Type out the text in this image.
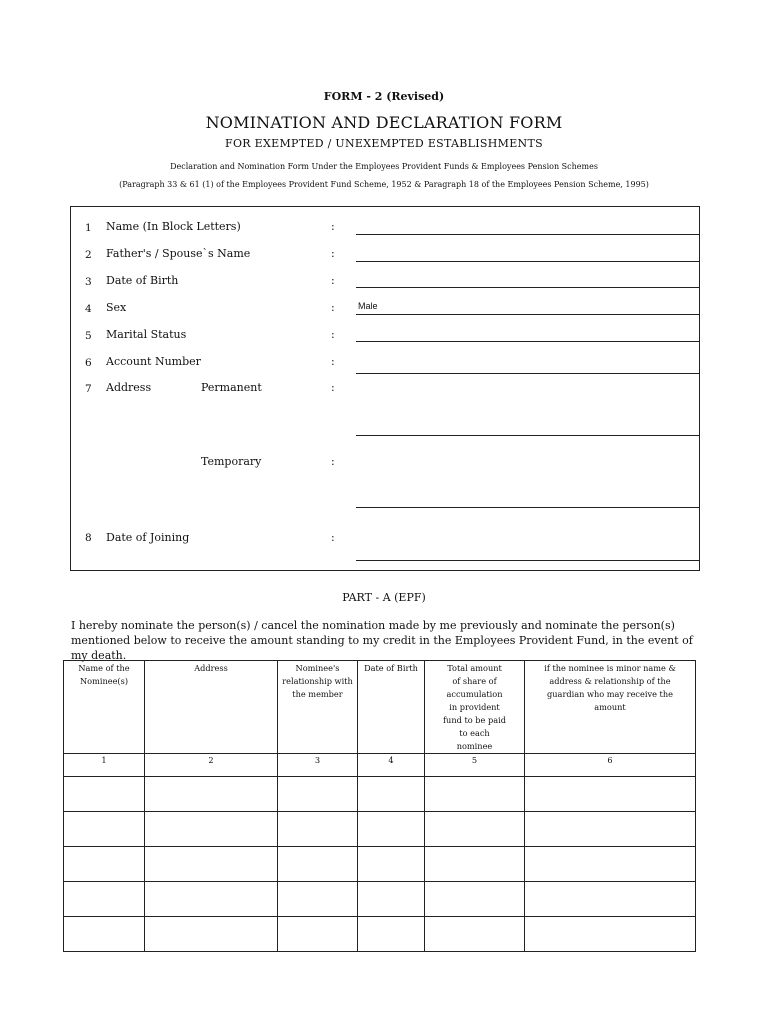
FORM - 2 (Revised)
NOMINATION AND DECLARATION FORM
FOR EXEMPTED / UNEXEMPTED ESTABLISHMENTS
Declaration and Nomination Form Under the Employees Provident Funds & Employees Pension Schemes
(Paragraph 33 & 61 (1) of the Employees Provident Fund Scheme, 1952 & Paragraph 18 of the Employees Pension Scheme, 1995)
1 Name (In Block Letters)	:
2 Father's / Spouse`s Name	:
3 Date of Birth	:
4 Sex	:	Male
5 Marital Status	:
6 Account Number	:
7 Address	Permanent	:
Temporary	:
8 Date of Joining	:
PART - A (EPF)
I hereby nominate the person(s) / cancel the nomination made by me previously and nominate the person(s) mentioned below to receive the amount standing to my credit in the Employees Provident Fund, in the event of my death.
Name of the Nominee(s)	Address	Nominee's relationship with the member	Date of Birth	Total amount of share of accumulation in provident fund to be paid to each nominee	if the nominee is minor name & address & relationship of the guardian who may receive the amount
1	2	3	4	5	6
